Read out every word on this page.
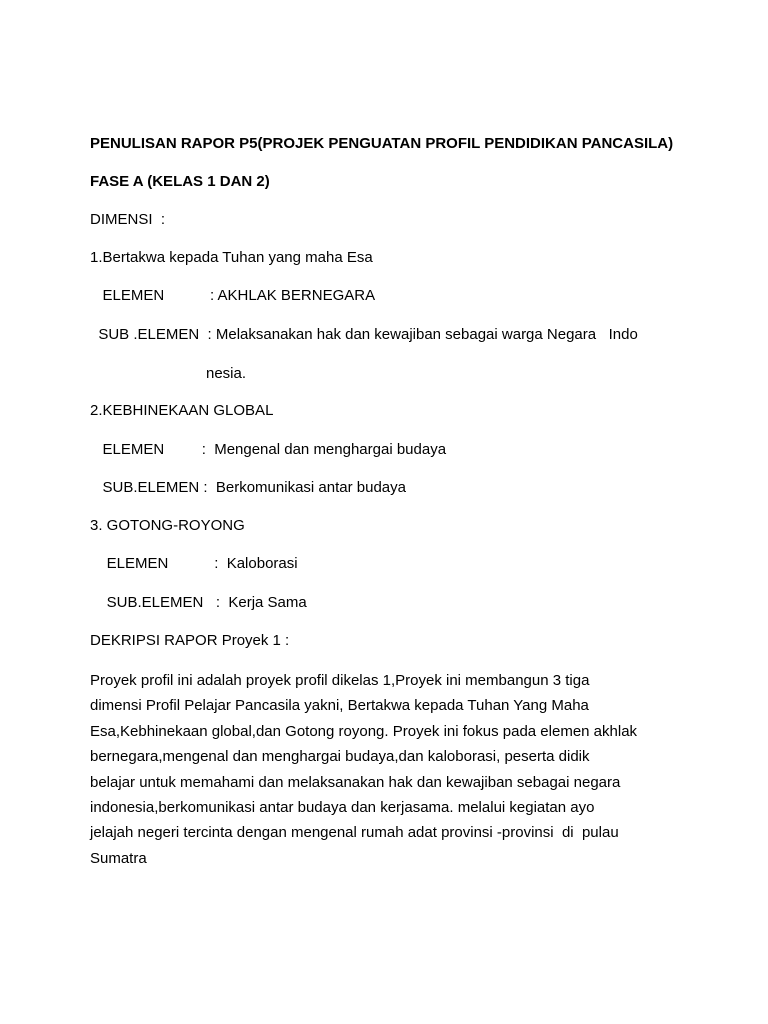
PENULISAN RAPOR P5(PROJEK PENGUATAN PROFIL PENDIDIKAN PANCASILA)
FASE A (KELAS 1 DAN 2)
DIMENSI  :
1.Bertakwa kepada Tuhan yang maha Esa
ELEMEN           : AKHLAK BERNEGARA
SUB .ELEMEN  : Melaksanakan hak dan kewajiban sebagai warga Negara   Indo
nesia.
2.KEBHINEKAAN GLOBAL
ELEMEN         :  Mengenal dan menghargai budaya
SUB.ELEMEN :  Berkomunikasi antar budaya
3. GOTONG-ROYONG
ELEMEN           :  Kaloborasi
SUB.ELEMEN   :  Kerja Sama
DEKRIPSI RAPOR Proyek 1 :
Proyek profil ini adalah proyek profil dikelas 1,Proyek ini membangun 3 tiga
dimensi Profil Pelajar Pancasila yakni, Bertakwa kepada Tuhan Yang Maha
Esa,Kebhinekaan global,dan Gotong royong. Proyek ini fokus pada elemen akhlak
bernegara,mengenal dan menghargai budaya,dan kaloborasi, peserta didik
belajar untuk memahami dan melaksanakan hak dan kewajiban sebagai negara
indonesia,berkomunikasi antar budaya dan kerjasama. melalui kegiatan ayo
jelajah negeri tercinta dengan mengenal rumah adat provinsi -provinsi  di  pulau
Sumatra
